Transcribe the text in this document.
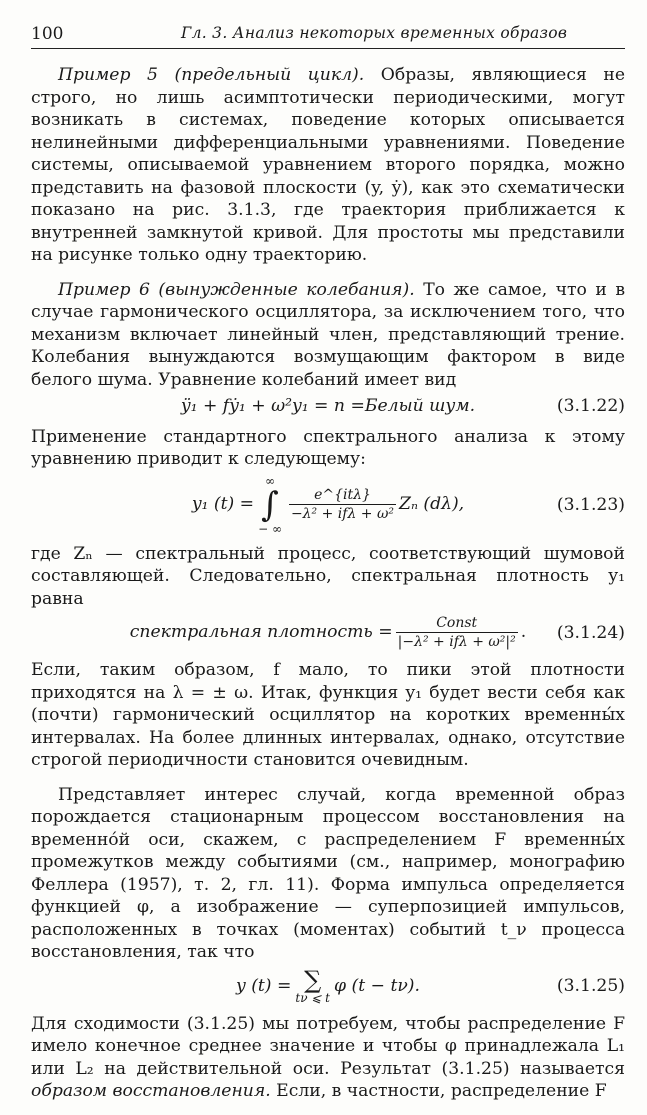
100	Гл. 3. Анализ некоторых временных образов

Пример 5 (предельный цикл). Образы, являющиеся не строго, но лишь асимптотически периодическими, могут возникать в системах, поведение которых описывается нелинейными дифференциальными уравнениями. Поведение системы, описываемой уравнением второго порядка, можно представить на фазовой плоскости (y, ẏ), как это схематически показано на рис. 3.1.3, где траектория приближается к внутренней замкнутой кривой. Для простоты мы представили на рисунке только одну траекторию.

Пример 6 (вынужденные колебания). То же самое, что и в случае гармонического осциллятора, за исключением того, что механизм включает линейный член, представляющий трение. Колебания вынуждаются возмущающим фактором в виде белого шума. Уравнение колебаний имеет вид

ÿ₁ + fẏ₁ + ω²y₁ = n = Белый шум.	(3.1.22)

Применение стандартного спектрального анализа к этому уравнению приводит к следующему:

y₁ (t) =
∞
∫
− ∞
$\frac{\text{e\textasciicircum{}\{itλ\}}}{\text{−λ² + ifλ + ω²}}$ Zₙ (dλ),	(3.1.23)

где Zₙ — спектральный процесс, соответствующий шумовой составляющей. Следовательно, спектральная плотность y₁ равна

спектральная плотность = $\frac{\text{Const}}{\text{|−λ² + ifλ + ω²|²}}$ . (3.1.24)

Если, таким образом, f мало, то пики этой плотности приходятся на λ = ± ω. Итак, функция y₁ будет вести себя как (почти) гармонический осциллятор на коротких временны́х интервалах. На более длинных интервалах, однако, отсутствие строгой периодичности становится очевидным.

Представляет интерес случай, когда временной образ порождается стационарным процессом восстановления на временно́й оси, скажем, с распределением F временны́х промежутков между событиями (см., например, монографию Феллера (1957), т. 2, гл. 11). Форма импульса определяется функцией φ, а изображение — суперпозицией импульсов, расположенных в точках (моментах) событий t_ν процесса восстановления, так что

y (t) = ∑
tν ⩽ t
φ (t − tν).	(3.1.25)

Для сходимости (3.1.25) мы потребуем, чтобы распределение F имело конечное среднее значение и чтобы φ принадлежала L₁ или L₂ на действительной оси. Результат (3.1.25) называется образом восстановления. Если, в частности, распределение F
